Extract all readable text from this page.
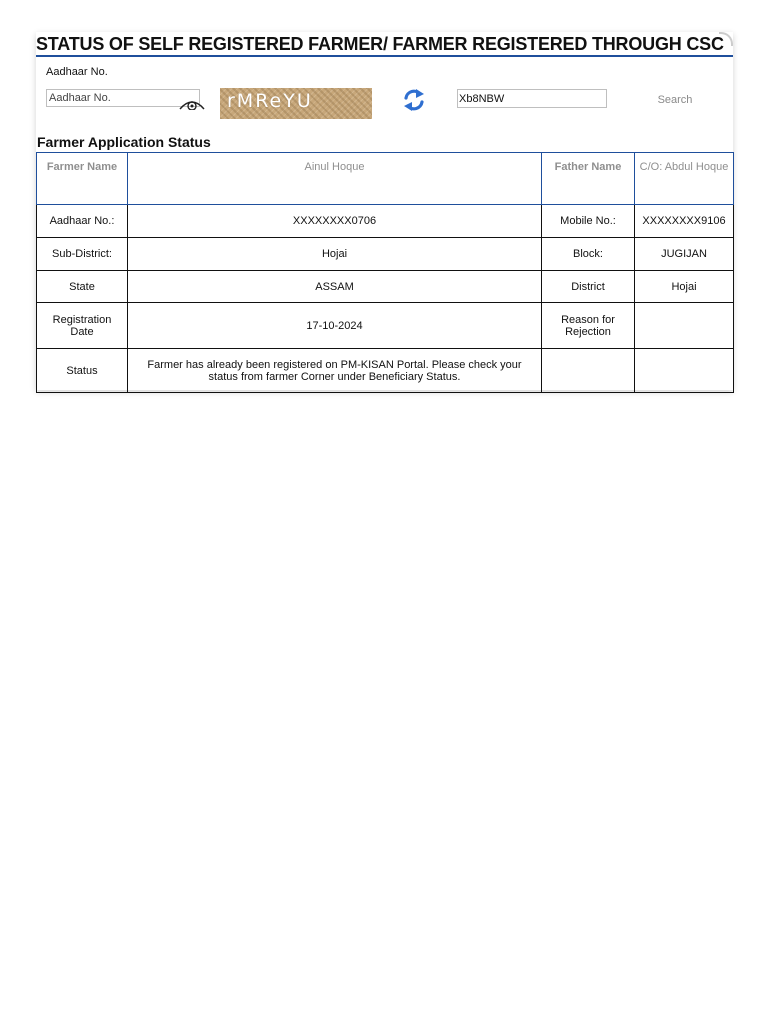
STATUS OF SELF REGISTERED FARMER/ FARMER REGISTERED THROUGH CSC
Aadhaar No.
Aadhaar No.
rMReYU
Xb8NBW	Search
Farmer Application Status
Farmer Name	Ainul Hoque	Father Name	C/O: Abdul Hoque
Aadhaar No.:	XXXXXXXX0706	Mobile No.:	XXXXXXXX9106
Sub-District:	Hojai	Block:	JUGIJAN
State	ASSAM	District	Hojai
Registration Date	17-10-2024	Reason for Rejection	
Status	Farmer has already been registered on PM-KISAN Portal. Please check your status from farmer Corner under Beneficiary Status.		
